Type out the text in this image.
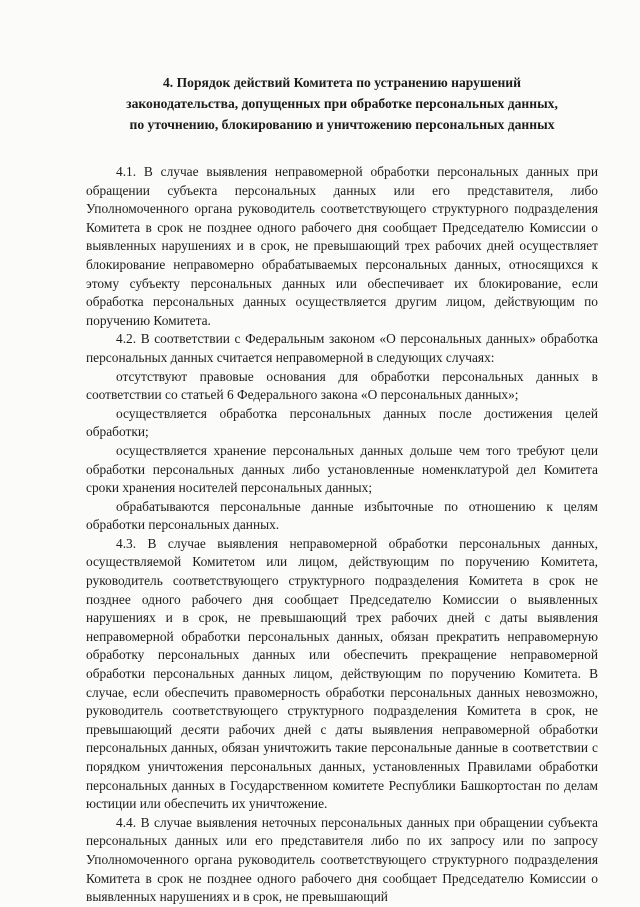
4. Порядок действий Комитета по устранению нарушений
законодательства, допущенных при обработке персональных данных,
по уточнению, блокированию и уничтожению персональных данных

4.1. В случае выявления неправомерной обработки персональных данных при обращении субъекта персональных данных или его представителя, либо Уполномоченного органа руководитель соответствующего структурного подразделения Комитета в срок не позднее одного рабочего дня сообщает Председателю Комиссии о выявленных нарушениях и в срок, не превышающий трех рабочих дней осуществляет блокирование неправомерно обрабатываемых персональных данных, относящихся к этому субъекту персональных данных или обеспечивает их блокирование, если обработка персональных данных осуществляется другим лицом, действующим по поручению Комитета.

4.2. В соответствии с Федеральным законом «О персональных данных» обработка персональных данных считается неправомерной в следующих случаях:

отсутствуют правовые основания для обработки персональных данных в соответствии со статьей 6 Федерального закона «О персональных данных»;

осуществляется обработка персональных данных после достижения целей обработки;

осуществляется хранение персональных данных дольше чем того требуют цели обработки персональных данных либо установленные номенклатурой дел Комитета сроки хранения носителей персональных данных;

обрабатываются персональные данные избыточные по отношению к целям обработки персональных данных.

4.3. В случае выявления неправомерной обработки персональных данных, осуществляемой Комитетом или лицом, действующим по поручению Комитета, руководитель соответствующего структурного подразделения Комитета в срок не позднее одного рабочего дня сообщает Председателю Комиссии о выявленных нарушениях и в срок, не превышающий трех рабочих дней с даты выявления неправомерной обработки персональных данных, обязан прекратить неправомерную обработку персональных данных или обеспечить прекращение неправомерной обработки персональных данных лицом, действующим по поручению Комитета. В случае, если обеспечить правомерность обработки персональных данных невозможно, руководитель соответствующего структурного подразделения Комитета в срок, не превышающий десяти рабочих дней с даты выявления неправомерной обработки персональных данных, обязан уничтожить такие персональные данные в соответствии с порядком уничтожения персональных данных, установленных Правилами обработки персональных данных в Государственном комитете Республики Башкортостан по делам юстиции или обеспечить их уничтожение.

4.4. В случае выявления неточных персональных данных при обращении субъекта персональных данных или его представителя либо по их запросу или по запросу Уполномоченного органа руководитель соответствующего структурного подразделения Комитета в срок не позднее одного рабочего дня сообщает Председателю Комиссии о выявленных нарушениях и в срок, не превышающий
